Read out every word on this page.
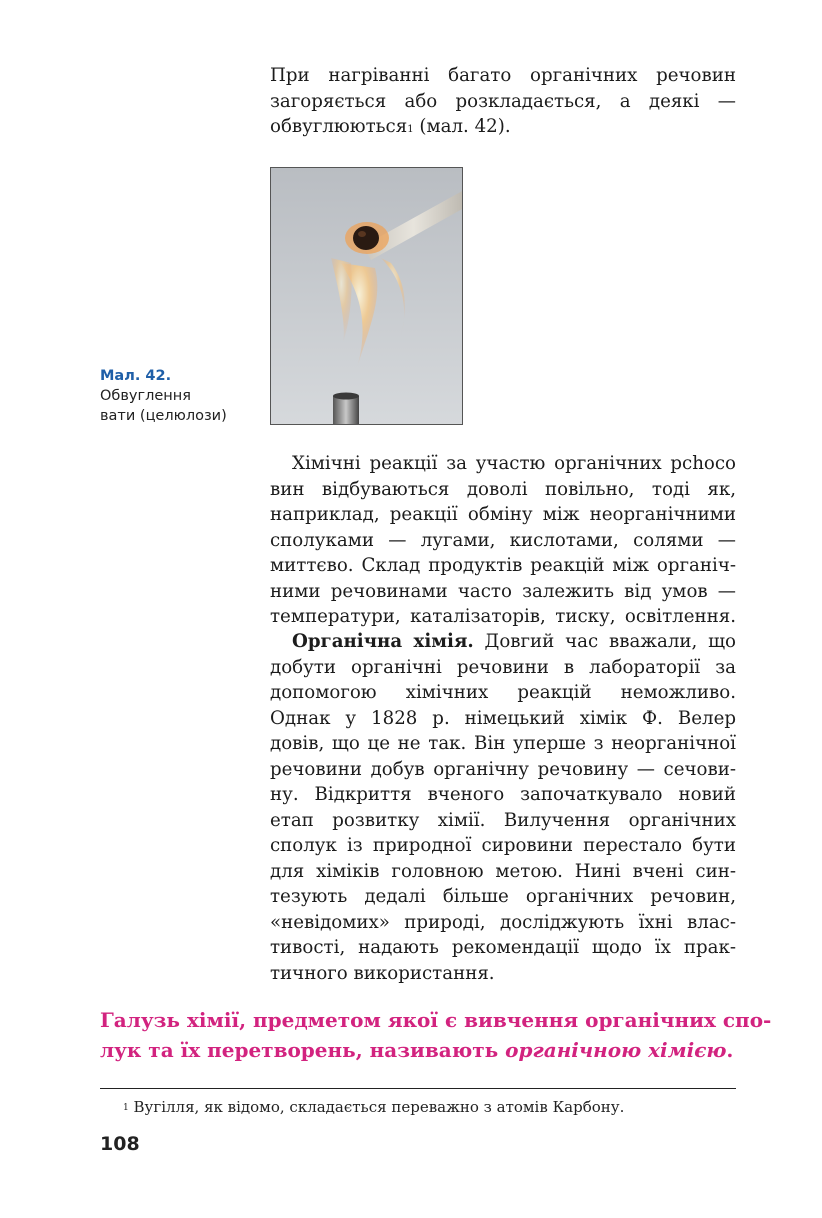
При нагріванні багато органічних речовин
загоряється або розкладається, а деякі —
обвуглюються$^1$ (мал. 42).
Мал. 42.
Обвуглення
вати (целюлози)
Хімічні реакції за участю органічних рchoco
вин відбуваються доволі повільно, тоді як,
наприклад, реакції обміну між неорганічними
сполуками — лугами, кислотами, солями —
миттєво. Склад продуктів реакцій між органіч-
ними речовинами часто залежить від умов —
температури, каталізаторів, тиску, освітлення.
Органічна хімія. Довгий час вважали, що
добути органічні речовини в лабораторії за
допомогою хімічних реакцій неможливо.
Однак у 1828 р. німецький хімік Ф. Велер
довів, що це не так. Він уперше з неорганічної
речовини добув органічну речовину — сечови-
ну. Відкриття вченого започаткувало новий
етап розвитку хімії. Вилучення органічних
сполук із природної сировини перестало бути
для хіміків головною метою. Нині вчені син-
тезують дедалі більше органічних речовин,
«невідомих» природі, досліджують їхні влас-
тивості, надають рекомендації щодо їх прак-
тичного використання.
Галузь хімії, предметом якої є вивчення органічних спо-
лук та їх перетворень, називають органічною хімією.
$^1$ Вугілля, як відомо, складається переважно з атомів Карбону.
108
